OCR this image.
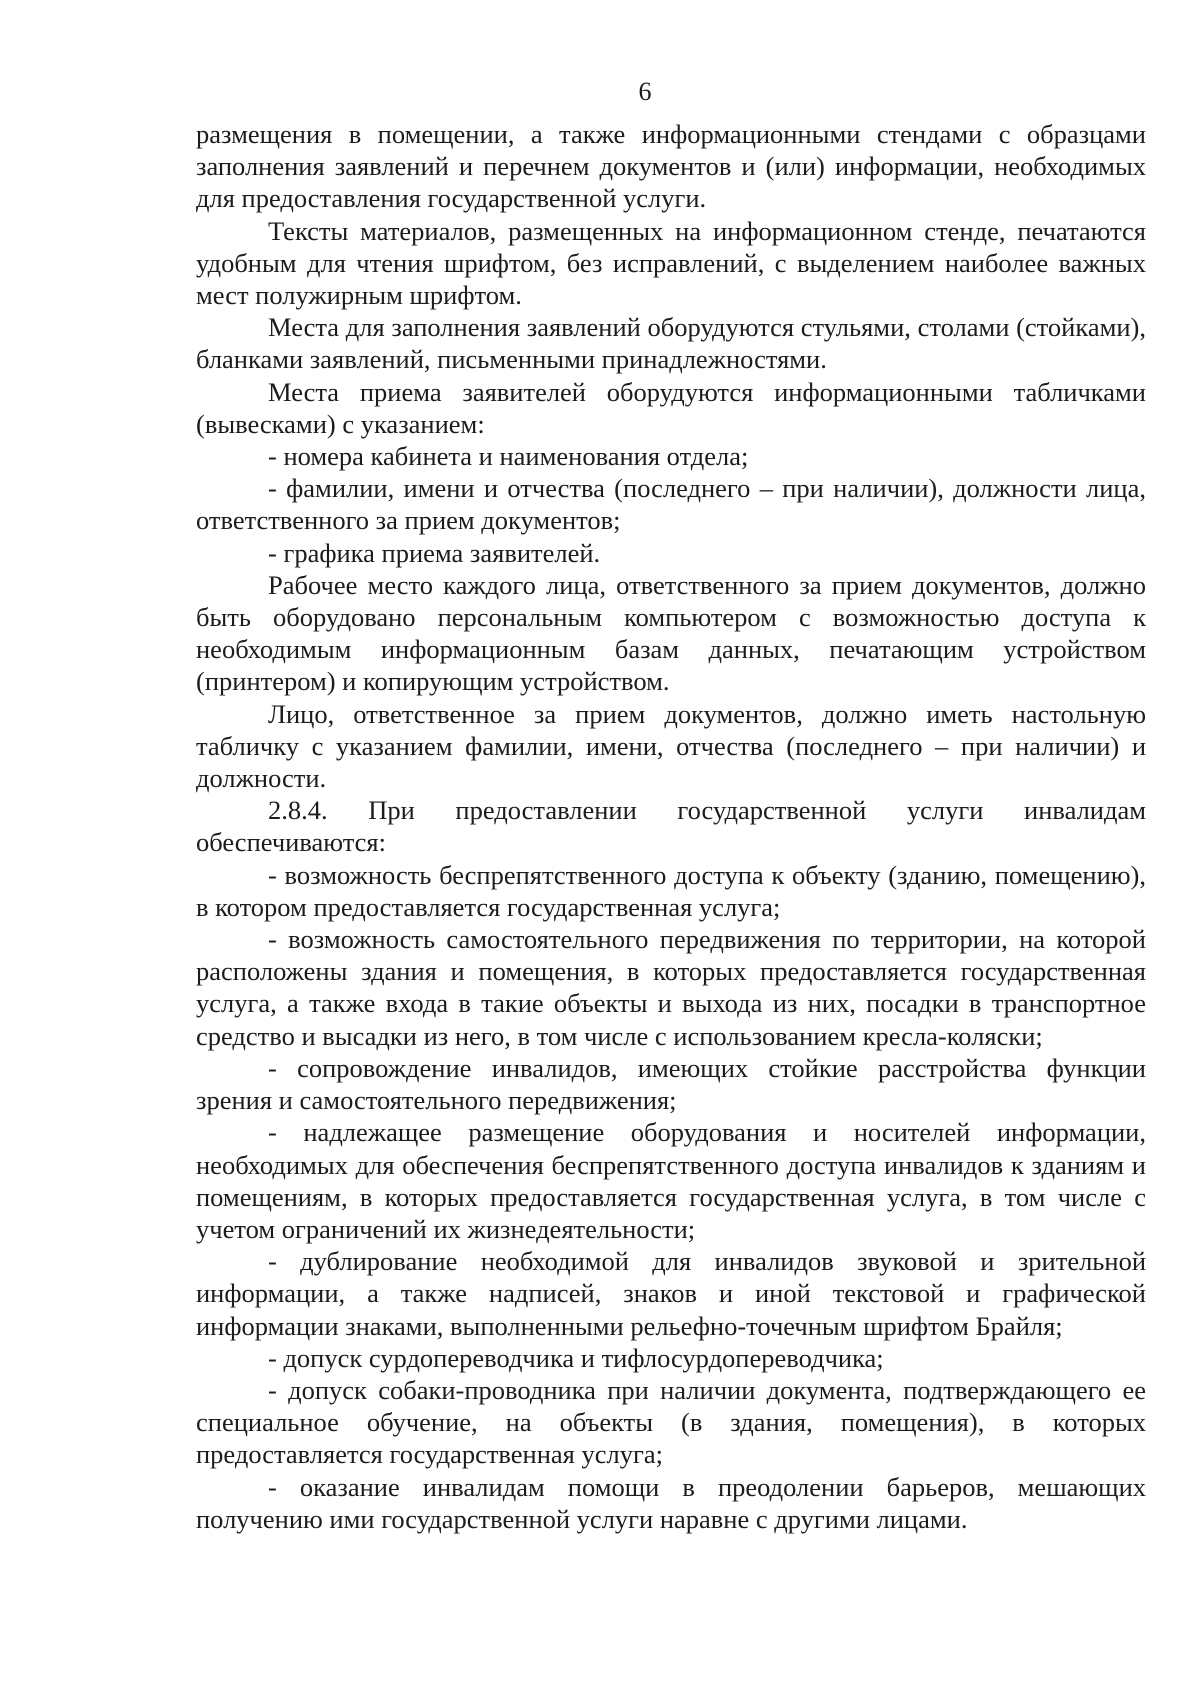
6

размещения в помещении, а также информационными стендами с образцами заполнения заявлений и перечнем документов и (или) информации, необходимых для предоставления государственной услуги.

Тексты материалов, размещенных на информационном стенде, печатаются удобным для чтения шрифтом, без исправлений, с выделением наиболее важных мест полужирным шрифтом.

Места для заполнения заявлений оборудуются стульями, столами (стойками), бланками заявлений, письменными принадлежностями.

Места приема заявителей оборудуются информационными табличками (вывесками) с указанием:

- номера кабинета и наименования отдела;

- фамилии, имени и отчества (последнего – при наличии), должности лица, ответственного за прием документов;

- графика приема заявителей.

Рабочее место каждого лица, ответственного за прием документов, должно быть оборудовано персональным компьютером с возможностью доступа к необходимым информационным базам данных, печатающим устройством (принтером) и копирующим устройством.

Лицо, ответственное за прием документов, должно иметь настольную табличку с указанием фамилии, имени, отчества (последнего – при наличии) и должности.

2.8.4. При предоставлении государственной услуги инвалидам обеспечиваются:

- возможность беспрепятственного доступа к объекту (зданию, помещению), в котором предоставляется государственная услуга;

- возможность самостоятельного передвижения по территории, на которой расположены здания и помещения, в которых предоставляется государственная услуга, а также входа в такие объекты и выхода из них, посадки в транспортное средство и высадки из него, в том числе с использованием кресла-коляски;

- сопровождение инвалидов, имеющих стойкие расстройства функции зрения и самостоятельного передвижения;

- надлежащее размещение оборудования и носителей информации, необходимых для обеспечения беспрепятственного доступа инвалидов к зданиям и помещениям, в которых предоставляется государственная услуга, в том числе с учетом ограничений их жизнедеятельности;

- дублирование необходимой для инвалидов звуковой и зрительной информации, а также надписей, знаков и иной текстовой и графической информации знаками, выполненными рельефно-точечным шрифтом Брайля;

- допуск сурдопереводчика и тифлосурдопереводчика;

- допуск собаки-проводника при наличии документа, подтверждающего ее специальное обучение, на объекты (в здания, помещения), в которых предоставляется государственная услуга;

- оказание инвалидам помощи в преодолении барьеров, мешающих получению ими государственной услуги наравне с другими лицами.
